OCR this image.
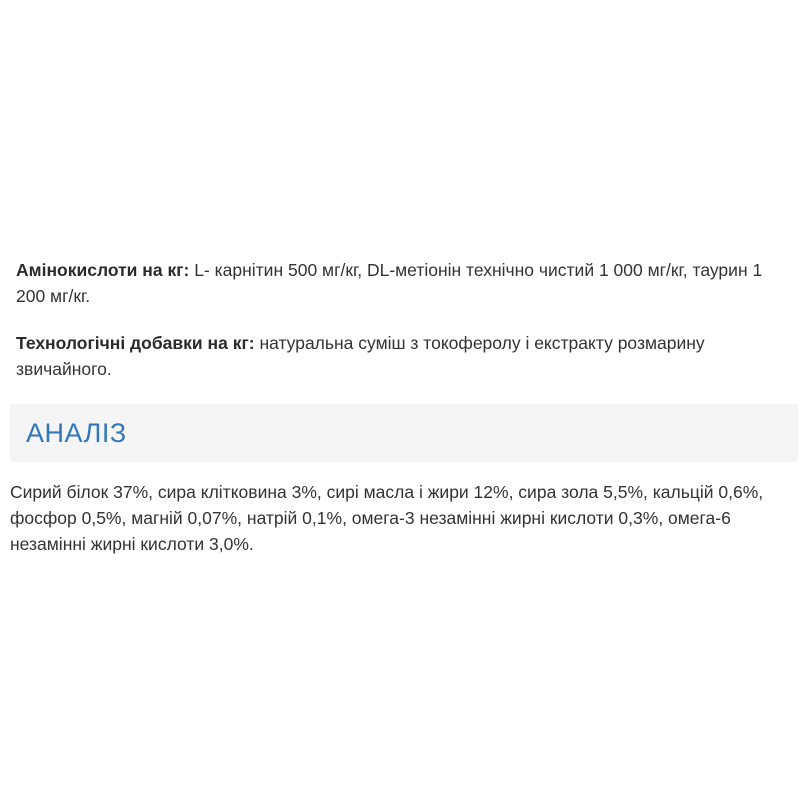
Амінокислоти на кг: L- карнітин 500 мг/кг, DL-метіонін технічно чистий 1 000 мг/кг, таурин 1 200 мг/кг.

Технологічні добавки на кг: натуральна суміш з токоферолу і екстракту розмарину звичайного.

АНАЛІЗ

Сирий білок 37%, сира клітковина 3%, сирі масла і жири 12%, сира зола 5,5%, кальцій 0,6%, фосфор 0,5%, магній 0,07%, натрій 0,1%, омега-3 незамінні жирні кислоти 0,3%, омега-6 незамінні жирні кислоти 3,0%.
